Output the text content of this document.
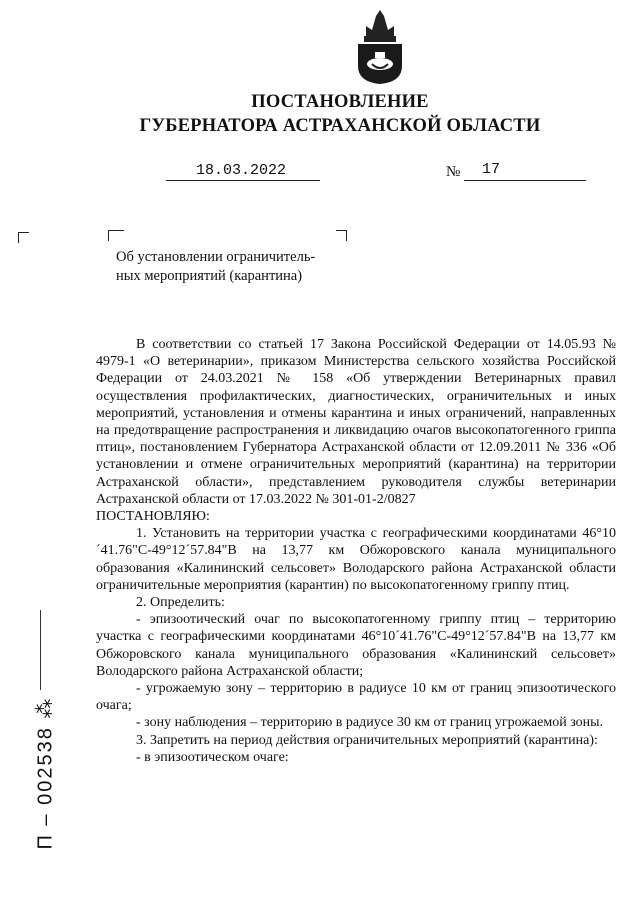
ПОСТАНОВЛЕНИЕ
ГУБЕРНАТОРА АСТРАХАНСКОЙ ОБЛАСТИ
18.03.2022	№ 17
Об установлении ограничитель-
ных мероприятий (карантина)

В соответствии со статьей 17 Закона Российской Федерации от 14.05.93 № 4979-1 «О ветеринарии», приказом Министерства сельского хозяйства Российской Федерации от 24.03.2021 № 158 «Об утверждении Ветеринарных правил осуществления профилактических, диагностических, ограничительных и иных мероприятий, установления и отмены карантина и иных ограничений, направленных на предотвращение распространения и ликвидацию очагов высокопатогенного гриппа птиц», постановлением Губернатора Астраханской области от 12.09.2011 № 336 «Об установлении и отмене ограничительных мероприятий (карантина) на территории Астраханской области», представлением руководителя службы ветеринарии Астраханской области от 17.03.2022 № 301-01-2/0827

ПОСТАНОВЛЯЮ:

1. Установить на территории участка с географическими координатами 46°10´41.76"С-49°12´57.84"В на 13,77 км Обжоровского канала муниципального образования «Калининский сельсовет» Володарского района Астраханской области ограничительные мероприятия (карантин) по высокопатогенному гриппу птиц.

2. Определить:

- эпизоотический очаг по высокопатогенному гриппу птиц – территорию участка с географическими координатами 46°10´41.76"С-49°12´57.84"В на 13,77 км Обжоровского канала муниципального образования «Калининский сельсовет» Володарского района Астраханской области;

- угрожаемую зону – территорию в радиусе 10 км от границ эпизоотического очага;

- зону наблюдения – территорию в радиусе 30 км от границ угрожаемой зоны.

3. Запретить на период действия ограничительных мероприятий (карантина):

- в эпизоотическом очаге:

П – 002538 ⁂
